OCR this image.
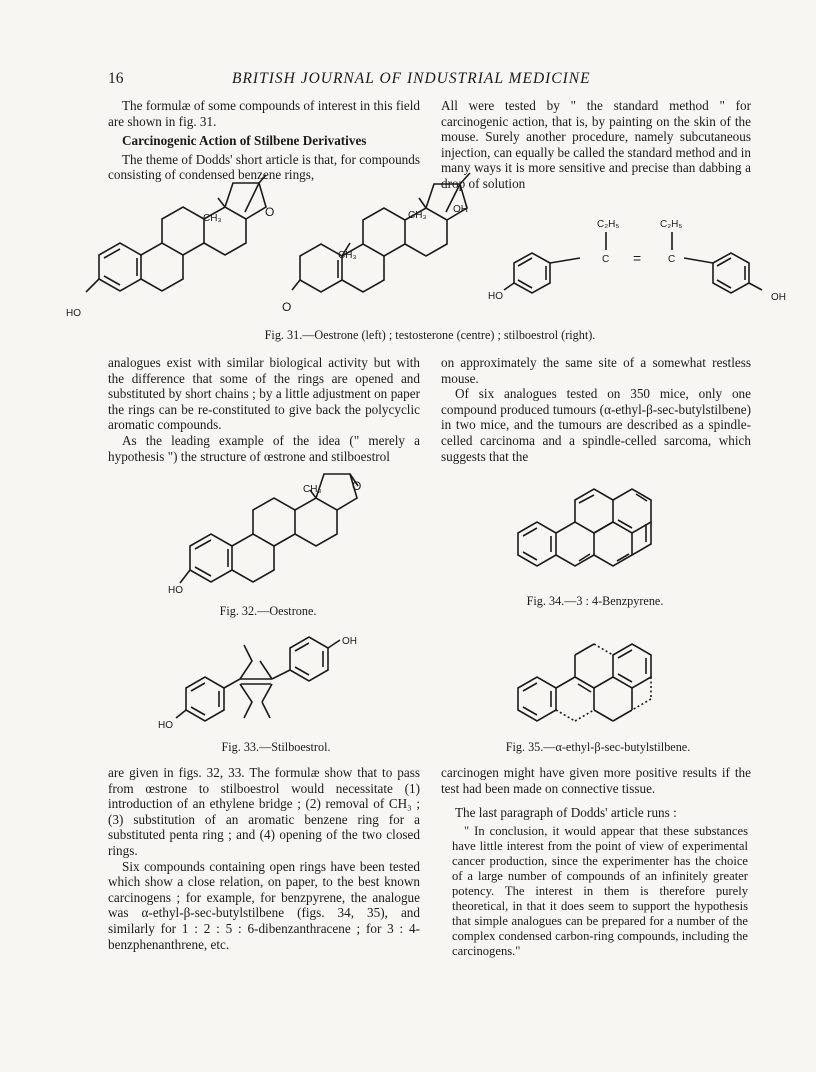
16	BRITISH JOURNAL OF INDUSTRIAL MEDICINE

The formulæ of some compounds of interest in this field are shown in fig. 31.

Carcinogenic Action of Stilbene Derivatives

The theme of Dodds' short article is that, for compounds consisting of condensed benzene rings,

All were tested by " the standard method " for carcinogenic action, that is, by painting on the skin of the mouse. Surely another procedure, namely subcutaneous injection, can equally be called the standard method and in many ways it is more sensitive and precise than dabbing a drop of solution

CH₃	O
HO
CH₃
OH
CH₃
O
C₂H₅	C₂H₅
C =	C
HO	OH
Fig. 31.—Oestrone (left) ; testosterone (centre) ; stilboestrol (right).

analogues exist with similar biological activity but with the difference that some of the rings are opened and substituted by short chains ; by a little adjustment on paper the rings can be re-constituted to give back the polycyclic aromatic compounds.

As the leading example of the idea (" merely a hypothesis ") the structure of œstrone and stilboestrol

on approximately the same site of a somewhat restless mouse.

Of six analogues tested on 350 mice, only one compound produced tumours (α-ethyl-β-sec-butylstilbene) in two mice, and the tumours are described as a spindle-celled carcinoma and a spindle-celled sarcoma, which suggests that the

CH₃	O
HO
Fig. 32.—Oestrone.
Fig. 34.—3 : 4-Benzpyrene.
OH
HO
Fig. 33.—Stilboestrol.	Fig. 35.—α-ethyl-β-sec-butylstilbene.

are given in figs. 32, 33. The formulæ show that to pass from œstrone to stilboestrol would necessitate (1) introduction of an ethylene bridge ; (2) removal of CH₃ ; (3) substitution of an aromatic benzene ring for a substituted penta ring ; and (4) opening of the two closed rings.

Six compounds containing open rings have been tested which show a close relation, on paper, to the best known carcinogens ; for example, for benzpyrene, the analogue was α-ethyl-β-sec-butylstilbene (figs. 34, 35), and similarly for 1 : 2 : 5 : 6-dibenzanthracene ; for 3 : 4-benzphenanthrene, etc.

carcinogen might have given more positive results if the test had been made on connective tissue.

The last paragraph of Dodds' article runs :

" In conclusion, it would appear that these substances have little interest from the point of view of experimental cancer production, since the experimenter has the choice of a large number of compounds of an infinitely greater potency. The interest in them is therefore purely theoretical, in that it does seem to support the hypothesis that simple analogues can be prepared for a number of the complex condensed carbon-ring compounds, including the carcinogens."
